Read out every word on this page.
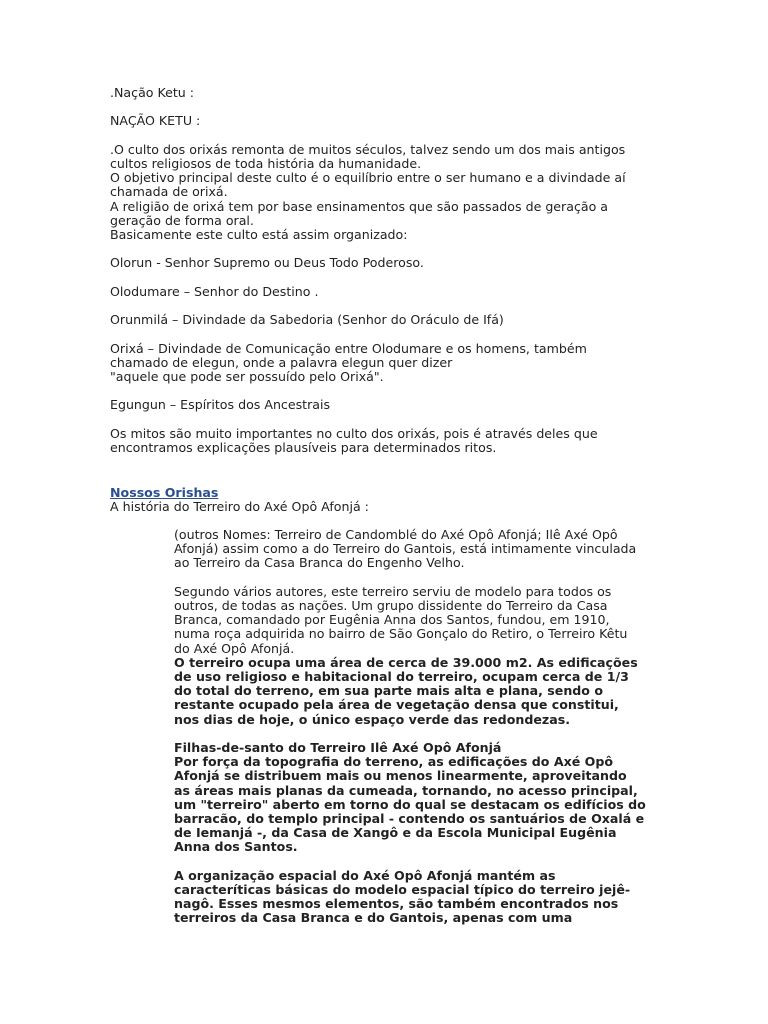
.Nação Ketu :

NAÇÃO KETU :

.O culto dos orixás remonta de muitos séculos, talvez sendo um dos mais antigos

cultos religiosos de toda história da humanidade.

O objetivo principal deste culto é o equilíbrio entre o ser humano e a divindade aí

chamada de orixá.

A religião de orixá tem por base ensinamentos que são passados de geração a

geração de forma oral.

Basicamente este culto está assim organizado:

Olorun - Senhor Supremo ou Deus Todo Poderoso.

Olodumare – Senhor do Destino .

Orunmilá – Divindade da Sabedoria (Senhor do Oráculo de Ifá)

Orixá – Divindade de Comunicação entre Olodumare e os homens, também

chamado de elegun, onde a palavra elegun quer dizer

"aquele que pode ser possuído pelo Orixá".

Egungun – Espíritos dos Ancestrais

Os mitos são muito importantes no culto dos orixás, pois é através deles que

encontramos explicações plausíveis para determinados ritos.

Nossos Orishas

A história do Terreiro do Axé Opô Afonjá :

(outros Nomes: Terreiro de Candomblé do Axé Opô Afonjá; Ilê Axé Opô

Afonjá) assim como a do Terreiro do Gantois, está intimamente vinculada

ao Terreiro da Casa Branca do Engenho Velho.

Segundo vários autores, este terreiro serviu de modelo para todos os

outros, de todas as nações. Um grupo dissidente do Terreiro da Casa

Branca, comandado por Eugênia Anna dos Santos, fundou, em 1910,

numa roça adquirida no bairro de São Gonçalo do Retiro, o Terreiro Kêtu

do Axé Opô Afonjá.

O terreiro ocupa uma área de cerca de 39.000 m2. As edificações

de uso religioso e habitacional do terreiro, ocupam cerca de 1/3

do total do terreno, em sua parte mais alta e plana, sendo o

restante ocupado pela área de vegetação densa que constitui,

nos dias de hoje, o único espaço verde das redondezas.

Filhas-de-santo do Terreiro Ilê Axé Opô Afonjá

Por força da topografia do terreno, as edificações do Axé Opô

Afonjá se distribuem mais ou menos linearmente, aproveitando

as áreas mais planas da cumeada, tornando, no acesso principal,

um "terreiro" aberto em torno do qual se destacam os edifícios do

barracão, do templo principal - contendo os santuários de Oxalá e

de Iemanjá -, da Casa de Xangô e da Escola Municipal Eugênia

Anna dos Santos.

A organização espacial do Axé Opô Afonjá mantém as

caracteríticas básicas do modelo espacial típico do terreiro jejê-

nagô. Esses mesmos elementos, são também encontrados nos

terreiros da Casa Branca e do Gantois, apenas com uma
